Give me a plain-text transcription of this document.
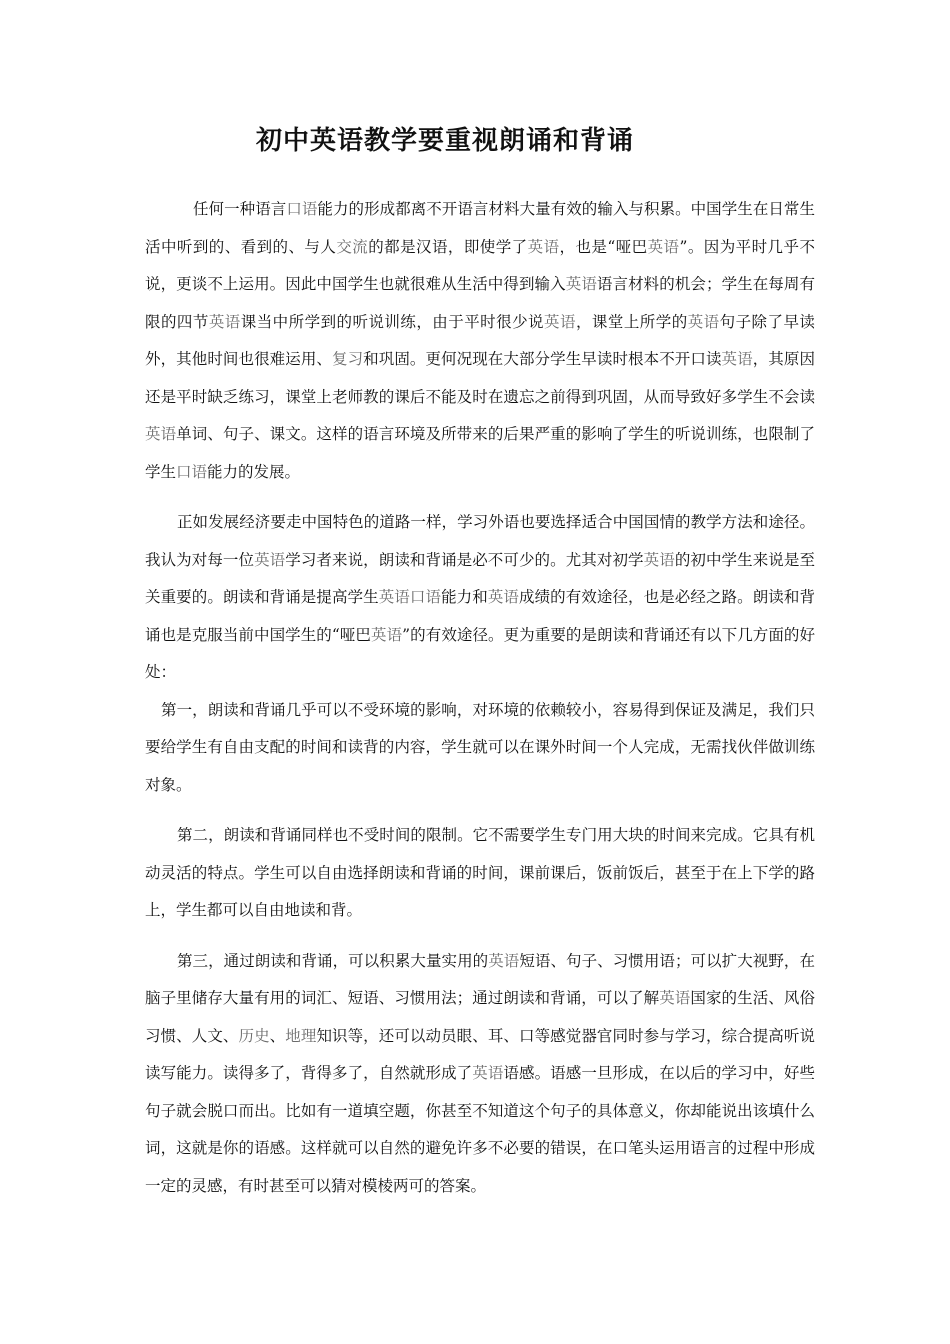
初中英语教学要重视朗诵和背诵

任何一种语言口语能力的形成都离不开语言材料大量有效的输入与积累。中国学生在日常生活中听到的、看到的、与人交流的都是汉语，即使学了英语，也是“哑巴英语”。因为平时几乎不说，更谈不上运用。因此中国学生也就很难从生活中得到输入英语语言材料的机会；学生在每周有限的四节英语课当中所学到的听说训练，由于平时很少说英语，课堂上所学的英语句子除了早读外，其他时间也很难运用、复习和巩固。更何况现在大部分学生早读时根本不开口读英语，其原因还是平时缺乏练习，课堂上老师教的课后不能及时在遗忘之前得到巩固，从而导致好多学生不会读英语单词、句子、课文。这样的语言环境及所带来的后果严重的影响了学生的听说训练，也限制了学生口语能力的发展。

正如发展经济要走中国特色的道路一样，学习外语也要选择适合中国国情的教学方法和途径。我认为对每一位英语学习者来说，朗读和背诵是必不可少的。尤其对初学英语的初中学生来说是至关重要的。朗读和背诵是提高学生英语口语能力和英语成绩的有效途径，也是必经之路。朗读和背诵也是克服当前中国学生的“哑巴英语”的有效途径。更为重要的是朗读和背诵还有以下几方面的好处：

第一，朗读和背诵几乎可以不受环境的影响，对环境的依赖较小，容易得到保证及满足，我们只要给学生有自由支配的时间和读背的内容，学生就可以在课外时间一个人完成，无需找伙伴做训练对象。

第二，朗读和背诵同样也不受时间的限制。它不需要学生专门用大块的时间来完成。它具有机动灵活的特点。学生可以自由选择朗读和背诵的时间，课前课后，饭前饭后，甚至于在上下学的路上，学生都可以自由地读和背。

第三，通过朗读和背诵，可以积累大量实用的英语短语、句子、习惯用语；可以扩大视野，在脑子里储存大量有用的词汇、短语、习惯用法；通过朗读和背诵，可以了解英语国家的生活、风俗习惯、人文、历史、地理知识等，还可以动员眼、耳、口等感觉器官同时参与学习，综合提高听说读写能力。读得多了，背得多了，自然就形成了英语语感。语感一旦形成，在以后的学习中，好些句子就会脱口而出。比如有一道填空题，你甚至不知道这个句子的具体意义，你却能说出该填什么词，这就是你的语感。这样就可以自然的避免许多不必要的错误，在口笔头运用语言的过程中形成一定的灵感，有时甚至可以猜对模棱两可的答案。
